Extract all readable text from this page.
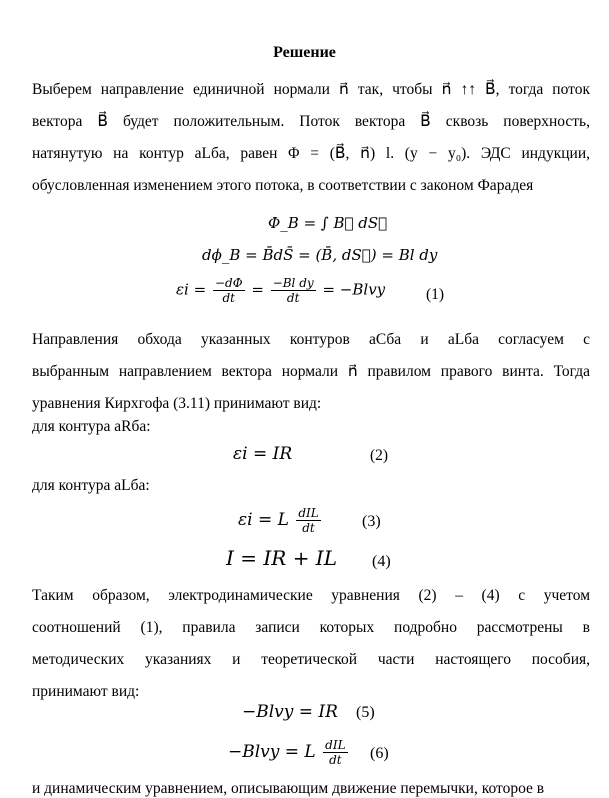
Решение
Выберем направление единичной нормали n⃗ так, чтобы n⃗ ↑↑ B⃗, тогда поток
вектора B⃗ будет положительным. Поток вектора B⃗ сквозь поверхность,
натянутую на контур aLбa, равен Φ = (B⃗, n⃗) l. (y − y₀). ЭДС индукции,
обусловленная изменением этого потока, в соответствии с законом Фарадея
Φ_B = ∫ B⃗ dS⃗
dϕ_B = B̄dS̄ = (B̄, dS⃗) = Bl dy
$\varepsilon i = \frac{-d\Phi}{dt} = \frac{\text{−Bl dy}}{dt}$ = −Blvy	(1)
Направления обхода указанных контуров aСбa и aLбa согласуем с
выбранным направлением вектора нормали n⃗ правилом правого винта. Тогда
уравнения Кирхгофа (3.11) принимают вид:
для контура aRбa:
εi = IR	(2)
для контура aLбa:
εi = L $\frac{\text{dIL}}{dt}$	(3)
I = IR + IL (4)
Таким образом, электродинамические уравнения (2) – (4) с учетом
соотношений (1), правила записи которых подробно рассмотрены в
методических указаниях и теоретической части настоящего пособия,
принимают вид:
−Blvy = IR (5)
−Blvy = L $\frac{\text{dIL}}{dt} (6)$
и динамическим уравнением, описывающим движение перемычки, которое в
